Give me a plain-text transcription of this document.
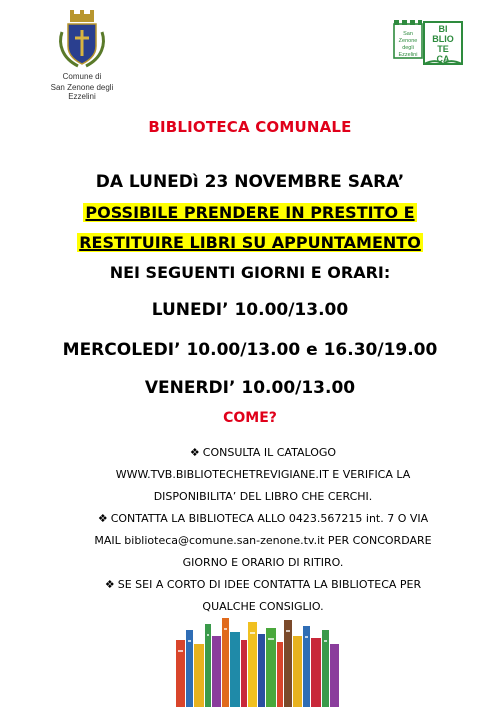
Comune di
San Zenone degli Ezzelini
San
Zenone
degli
Ezzelini
BI
BLIO
TE
CA
BIBLIOTECA COMUNALE
DA LUNEDì 23 NOVEMBRE SARA’
POSSIBILE PRENDERE IN PRESTITO E
RESTITUIRE LIBRI SU APPUNTAMENTO
NEI SEGUENTI GIORNI E ORARI:
LUNEDI’ 10.00/13.00
MERCOLEDI’ 10.00/13.00 e 16.30/19.00
VENERDI’ 10.00/13.00
COME?
❖ CONSULTA IL CATALOGO
WWW.TVB.BIBLIOTECHETREVIGIANE.IT E VERIFICA LA
DISPONIBILITA’ DEL LIBRO CHE CERCHI.
❖ CONTATTA LA BIBLIOTECA ALLO 0423.567215 int. 7 O VIA
MAIL biblioteca@comune.san-zenone.tv.it PER CONCORDARE
GIORNO E ORARIO DI RITIRO.
❖ SE SEI A CORTO DI IDEE CONTATTA LA BIBLIOTECA PER
QUALCHE CONSIGLIO.
